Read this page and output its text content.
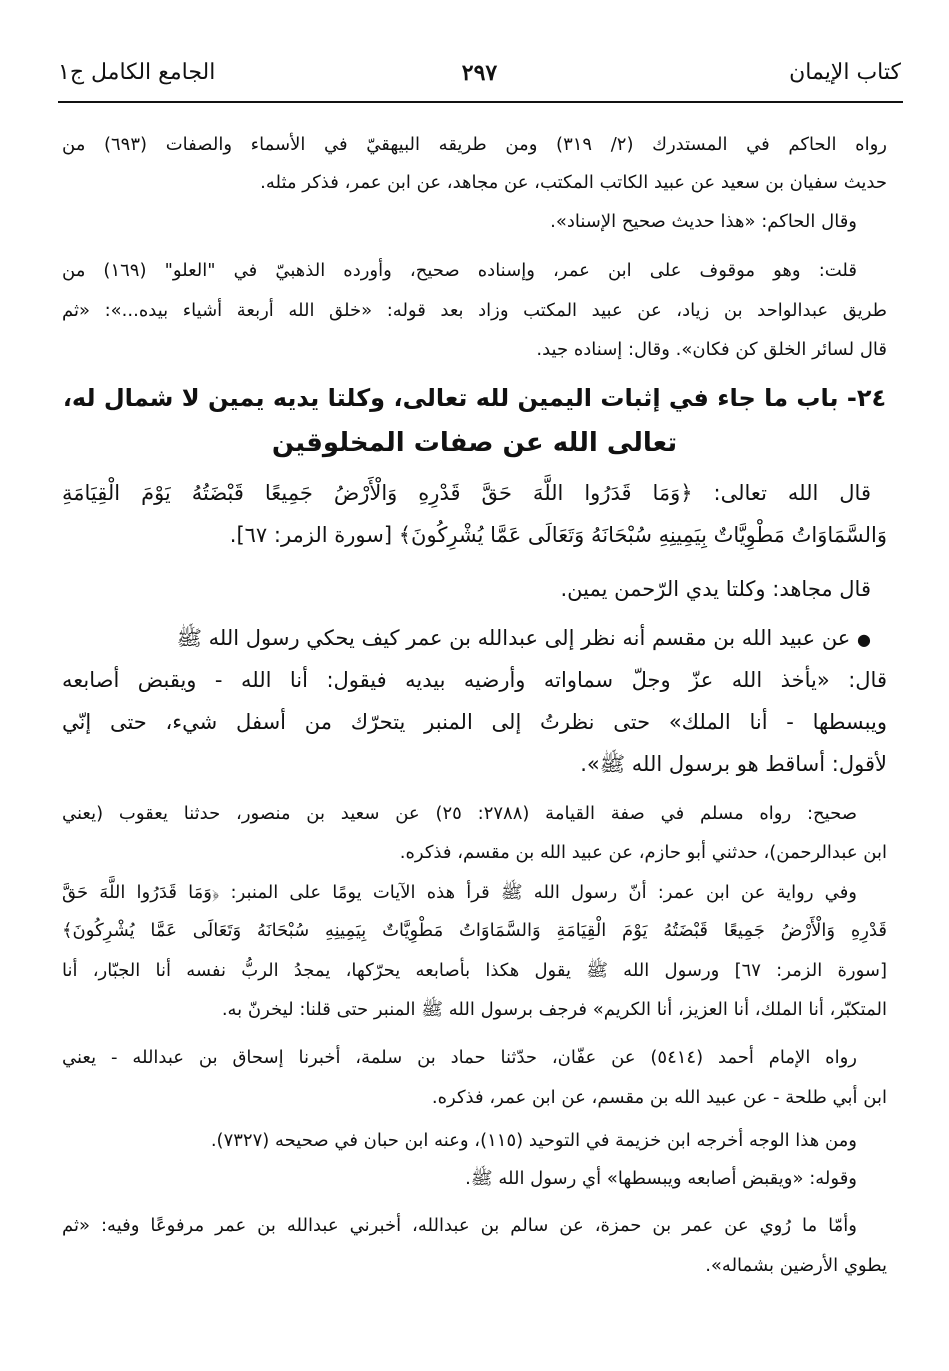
كتاب الإيمان
٢٩٧
الجامع الكامل ج١
رواه الحاكم في المستدرك (٢/ ٣١٩) ومن طريقه البيهقيّ في الأسماء والصفات (٦٩٣) من
حديث سفيان بن سعيد عن عبيد الكاتب المكتب، عن مجاهد، عن ابن عمر، فذكر مثله.
وقال الحاكم: «هذا حديث صحيح الإسناد».
قلت: وهو موقوف على ابن عمر، وإسناده صحيح، وأورده الذهبيّ في "العلو" (١٦٩) من
طريق عبدالواحد بن زياد، عن عبيد المكتب وزاد بعد قوله: «خلق الله أربعة أشياء بيده...»: «ثم
قال لسائر الخلق كن فكان». وقال: إسناده جيد.
٢٤- باب ما جاء في إثبات اليمين لله تعالى، وكلتا يديه يمين لا شمال له،
تعالى الله عن صفات المخلوقين
قال الله تعالى: ﴿وَمَا قَدَرُوا اللَّهَ حَقَّ قَدْرِهِ وَالْأَرْضُ جَمِيعًا قَبْضَتُهُ يَوْمَ الْقِيَامَةِ
وَالسَّمَاوَاتُ مَطْوِيَّاتٌ بِيَمِينِهِ سُبْحَانَهُ وَتَعَالَى عَمَّا يُشْرِكُونَ﴾ [سورة الزمر: ٦٧].
قال مجاهد: وكلتا يدي الرّحمن يمين.
● عن عبيد الله بن مقسم أنه نظر إلى عبدالله بن عمر كيف يحكي رسول الله ﷺ
قال: «يأخذ الله عزّ وجلّ سماواته وأرضيه بيديه فيقول: أنا الله - ويقبض أصابعه
ويبسطها - أنا الملك» حتى نظرتُ إلى المنبر يتحرّك من أسفل شيء، حتى إنّي
لأقول: أساقط هو برسول الله ﷺ».
صحيح: رواه مسلم في صفة القيامة (٢٧٨٨: ٢٥) عن سعيد بن منصور، حدثنا يعقوب (يعني
ابن عبدالرحمن)، حدثني أبو حازم، عن عبيد الله بن مقسم، فذكره.
وفي رواية عن ابن عمر: أنّ رسول الله ﷺ قرأ هذه الآيات يومًا على المنبر: ﴿وَمَا قَدَرُوا اللَّهَ حَقَّ
قَدْرِهِ وَالْأَرْضُ جَمِيعًا قَبْضَتُهُ يَوْمَ الْقِيَامَةِ وَالسَّمَاوَاتُ مَطْوِيَّاتٌ بِيَمِينِهِ سُبْحَانَهُ وَتَعَالَى عَمَّا يُشْرِكُونَ﴾
[سورة الزمر: ٦٧] ورسول الله ﷺ يقول هكذا بأصابعه يحرّكها، يمجدُ الربُّ نفسه أنا الجبّار، أنا
المتكبّر، أنا الملك، أنا العزيز، أنا الكريم» فرجف برسول الله ﷺ المنبر حتى قلنا: ليخرنّ به.
رواه الإمام أحمد (٥٤١٤) عن عفّان، حدّثنا حماد بن سلمة، أخبرنا إسحاق بن عبدالله - يعني
ابن أبي طلحة - عن عبيد الله بن مقسم، عن ابن عمر، فذكره.
ومن هذا الوجه أخرجه ابن خزيمة في التوحيد (١١٥)، وعنه ابن حبان في صحيحه (٧٣٢٧).
وقوله: «ويقبض أصابعه ويبسطها» أي رسول الله ﷺ.
وأمّا ما رُوي عن عمر بن حمزة، عن سالم بن عبدالله، أخبرني عبدالله بن عمر مرفوعًا وفيه: «ثم
يطوي الأرضين بشماله».
